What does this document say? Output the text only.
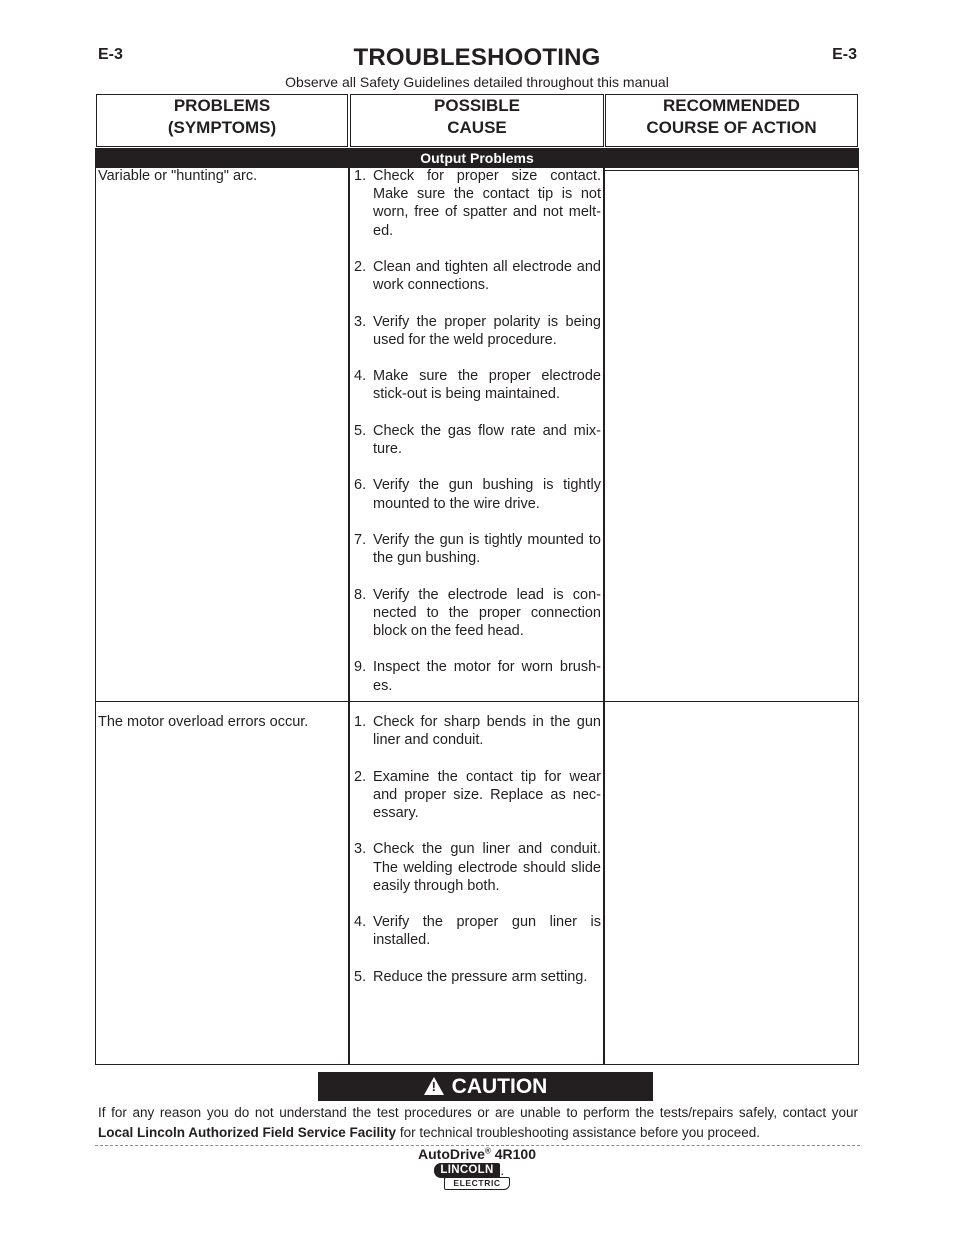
E-3	TROUBLESHOOTING	E-3
Observe all Safety Guidelines detailed throughout this manual
PROBLEMS
(SYMPTOMS)
POSSIBLE
CAUSE
RECOMMENDED
COURSE OF ACTION
Output Problems
Variable or "hunting" arc.	1. Check for proper size contact. Make sure the contact tip is not worn, free of spatter and not melt-ed.
2. Clean and tighten all electrode and work connections.
3. Verify the proper polarity is being used for the weld procedure.
4. Make sure the proper electrode stick-out is being maintained.
5. Check the gas flow rate and mix-ture.
6. Verify the gun bushing is tightly mounted to the wire drive.
7. Verify the gun is tightly mounted to the gun bushing.
8. Verify the electrode lead is con-nected to the proper connection block on the feed head.
9. Inspect the motor for worn brush-es.
The motor overload errors occur.	1. Check for sharp bends in the gun liner and conduit.
2. Examine the contact tip for wear and proper size. Replace as nec-essary.
3. Check the gun liner and conduit. The welding electrode should slide easily through both.
4. Verify the proper gun liner is installed.
5. Reduce the pressure arm setting.
! CAUTION
If for any reason you do not understand the test procedures or are unable to perform the tests/repairs safely, contact your Local Lincoln Authorized Field Service Facility for technical troubleshooting assistance before you proceed.
AutoDrive® 4R100
LINCOLN
ELECTRIC
.
